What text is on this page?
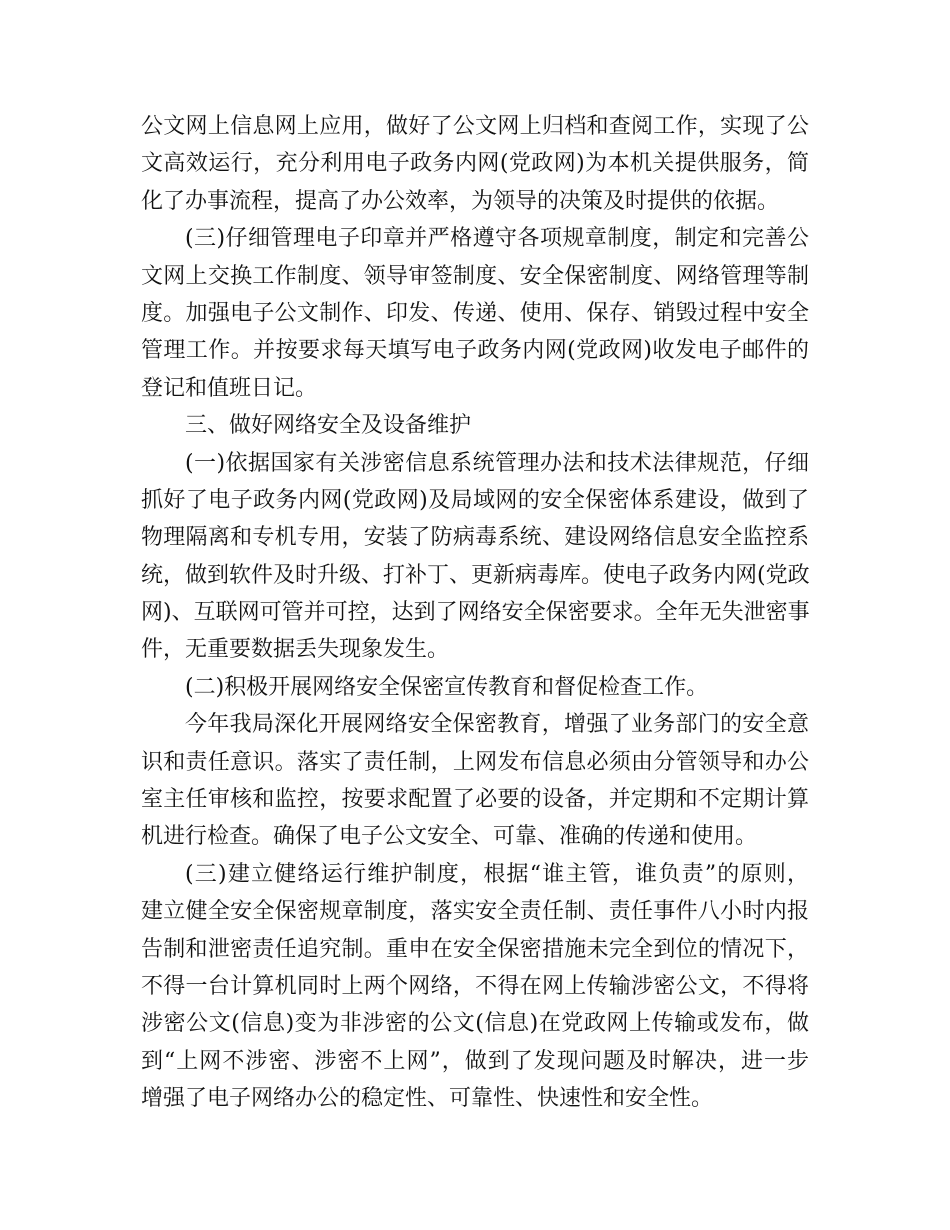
公文网上信息网上应用，做好了公文网上归档和查阅工作，实现了公
文高效运行，充分利用电子政务内网(党政网)为本机关提供服务，简
化了办事流程，提高了办公效率，为领导的决策及时提供的依据。
(三)仔细管理电子印章并严格遵守各项规章制度，制定和完善公
文网上交换工作制度、领导审签制度、安全保密制度、网络管理等制
度。加强电子公文制作、印发、传递、使用、保存、销毁过程中安全
管理工作。并按要求每天填写电子政务内网(党政网)收发电子邮件的
登记和值班日记。
三、做好网络安全及设备维护
(一)依据国家有关涉密信息系统管理办法和技术法律规范，仔细
抓好了电子政务内网(党政网)及局域网的安全保密体系建设，做到了
物理隔离和专机专用，安装了防病毒系统、建设网络信息安全监控系
统，做到软件及时升级、打补丁、更新病毒库。使电子政务内网(党政
网)、互联网可管并可控，达到了网络安全保密要求。全年无失泄密事
件，无重要数据丢失现象发生。
(二)积极开展网络安全保密宣传教育和督促检查工作。
今年我局深化开展网络安全保密教育，增强了业务部门的安全意
识和责任意识。落实了责任制，上网发布信息必须由分管领导和办公
室主任审核和监控，按要求配置了必要的设备，并定期和不定期计算
机进行检查。确保了电子公文安全、可靠、准确的传递和使用。
(三)建立健络运行维护制度，根据“谁主管，谁负责”的原则，
建立健全安全保密规章制度，落实安全责任制、责任事件八小时内报
告制和泄密责任追究制。重申在安全保密措施未完全到位的情况下，
不得一台计算机同时上两个网络，不得在网上传输涉密公文，不得将
涉密公文(信息)变为非涉密的公文(信息)在党政网上传输或发布，做
到“上网不涉密、涉密不上网”，做到了发现问题及时解决，进一步
增强了电子网络办公的稳定性、可靠性、快速性和安全性。
